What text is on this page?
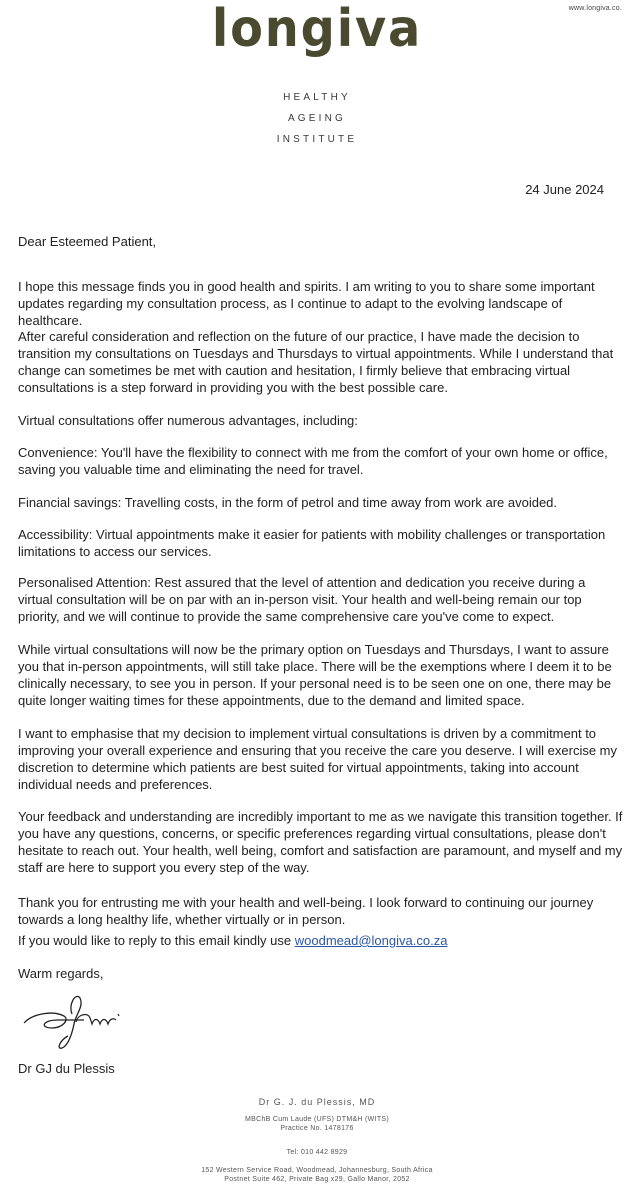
www.longiva.co.
longiva
HEALTHY
AGEING
INSTITUTE
24 June 2024
Dear Esteemed Patient,

I hope this message finds you in good health and spirits. I am writing to you to share some important updates regarding my consultation process, as I continue to adapt to the evolving landscape of healthcare.

After careful consideration and reflection on the future of our practice, I have made the decision to transition my consultations on Tuesdays and Thursdays to virtual appointments. While I understand that change can sometimes be met with caution and hesitation, I firmly believe that embracing virtual consultations is a step forward in providing you with the best possible care.

Virtual consultations offer numerous advantages, including:

Convenience: You'll have the flexibility to connect with me from the comfort of your own home or office, saving you valuable time and eliminating the need for travel.

Financial savings: Travelling costs, in the form of petrol and time away from work are avoided.

Accessibility: Virtual appointments make it easier for patients with mobility challenges or transportation limitations to access our services.

Personalised Attention: Rest assured that the level of attention and dedication you receive during a virtual consultation will be on par with an in-person visit. Your health and well-being remain our top priority, and we will continue to provide the same comprehensive care you've come to expect.

While virtual consultations will now be the primary option on Tuesdays and Thursdays, I want to assure you that in-person appointments, will still take place. There will be the exemptions where I deem it to be clinically necessary, to see you in person. If your personal need is to be seen one on one, there may be quite longer waiting times for these appointments, due to the demand and limited space.

I want to emphasise that my decision to implement virtual consultations is driven by a commitment to improving your overall experience and ensuring that you receive the care you deserve. I will exercise my discretion to determine which patients are best suited for virtual appointments, taking into account individual needs and preferences.

Your feedback and understanding are incredibly important to me as we navigate this transition together. If you have any questions, concerns, or specific preferences regarding virtual consultations, please don't hesitate to reach out. Your health, well being, comfort and satisfaction are paramount, and myself and my staff are here to support you every step of the way.

Thank you for entrusting me with your health and well-being. I look forward to continuing our journey towards a long healthy life, whether virtually or in person.

If you would like to reply to this email kindly use woodmead@longiva.co.za
Warm regards,
Dr GJ du Plessis
Dr G. J. du Plessis, MD
MBChB Cum Laude (UFS) DTM&H (WITS)
Practice No. 1478176
Tel: 010 442 8929
152 Western Service Road, Woodmead, Johannesburg, South Africa
Postnet Suite 462, Private Bag x29, Gallo Manor, 2052
